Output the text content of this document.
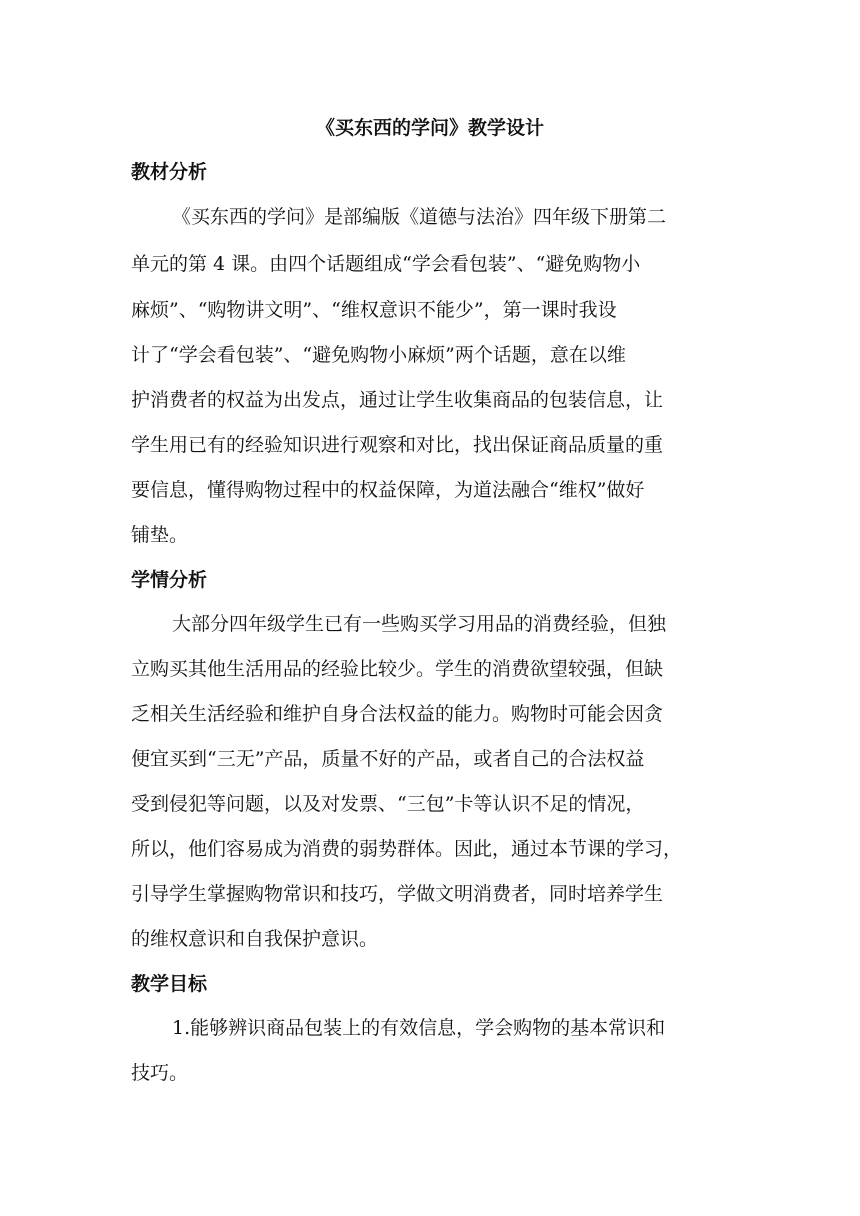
《买东西的学问》教学设计
教材分析
《买东西的学问》是部编版《道德与法治》四年级下册第二
单元的第 4 课。由四个话题组成“学会看包装”、“避免购物小
麻烦”、“购物讲文明”、“维权意识不能少”，第一课时我设
计了“学会看包装”、“避免购物小麻烦”两个话题，意在以维
护消费者的权益为出发点，通过让学生收集商品的包装信息，让
学生用已有的经验知识进行观察和对比，找出保证商品质量的重
要信息，懂得购物过程中的权益保障，为道法融合“维权”做好
铺垫。
学情分析
大部分四年级学生已有一些购买学习用品的消费经验，但独
立购买其他生活用品的经验比较少。学生的消费欲望较强，但缺
乏相关生活经验和维护自身合法权益的能力。购物时可能会因贪
便宜买到“三无”产品，质量不好的产品，或者自己的合法权益
受到侵犯等问题，以及对发票、“三包”卡等认识不足的情况，
所以，他们容易成为消费的弱势群体。因此，通过本节课的学习，
引导学生掌握购物常识和技巧，学做文明消费者，同时培养学生
的维权意识和自我保护意识。
教学目标
1.能够辨识商品包装上的有效信息，学会购物的基本常识和
技巧。
